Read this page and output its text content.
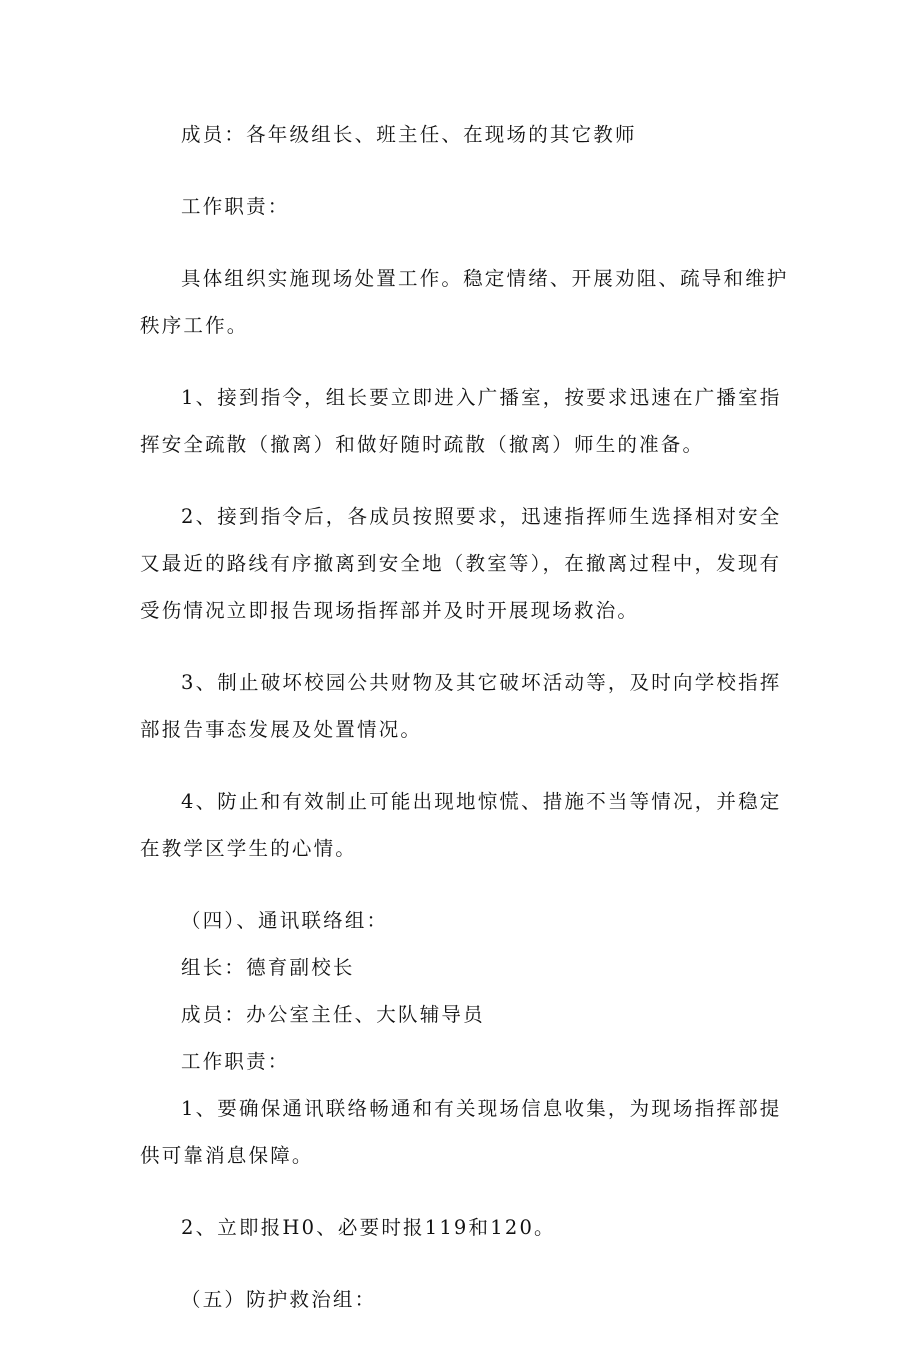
成员：各年级组长、班主任、在现场的其它教师

工作职责：

具体组织实施现场处置工作。稳定情绪、开展劝阻、疏导和维护秩序工作。

1、接到指令，组长要立即进入广播室，按要求迅速在广播室指挥安全疏散（撤离）和做好随时疏散（撤离）师生的准备。

2、接到指令后，各成员按照要求，迅速指挥师生选择相对安全又最近的路线有序撤离到安全地（教室等），在撤离过程中，发现有受伤情况立即报告现场指挥部并及时开展现场救治。

3、制止破坏校园公共财物及其它破坏活动等，及时向学校指挥部报告事态发展及处置情况。

4、防止和有效制止可能出现地惊慌、措施不当等情况，并稳定在教学区学生的心情。

（四）、通讯联络组：

组长：德育副校长

成员：办公室主任、大队辅导员

工作职责：

1、要确保通讯联络畅通和有关现场信息收集，为现场指挥部提供可靠消息保障。

2、立即报H0、必要时报119和120。

（五）防护救治组：
